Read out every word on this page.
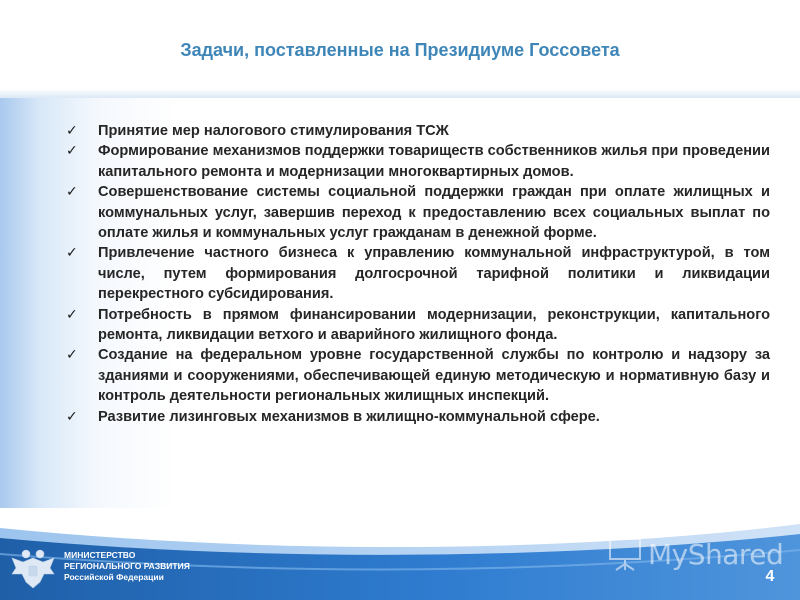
Задачи, поставленные на Президиуме Госсовета
✓ Принятие мер налогового стимулирования ТСЖ
✓ Формирование механизмов поддержки товариществ собственников жилья при проведении капитального ремонта и модернизации многоквартирных домов.
✓ Совершенствование системы социальной поддержки граждан при оплате жилищных и коммунальных услуг, завершив переход к предоставлению всех социальных выплат по оплате жилья и коммунальных услуг гражданам в денежной форме.
✓ Привлечение частного бизнеса к управлению коммунальной инфраструктурой, в том числе, путем формирования долгосрочной тарифной политики и ликвидации перекрестного субсидирования.
✓ Потребность в прямом финансировании модернизации, реконструкции, капитального ремонта, ликвидации ветхого и аварийного жилищного фонда.
✓ Создание на федеральном уровне государственной службы по контролю и надзору за зданиями и сооружениями, обеспечивающей единую методическую и нормативную базу и контроль деятельности региональных жилищных инспекций.
✓ Развитие лизинговых механизмов в жилищно-коммунальной сфере.
МИНИСТЕРСТВО
РЕГИОНАЛЬНОГО РАЗВИТИЯ
Российской Федерации
MyShared
4
